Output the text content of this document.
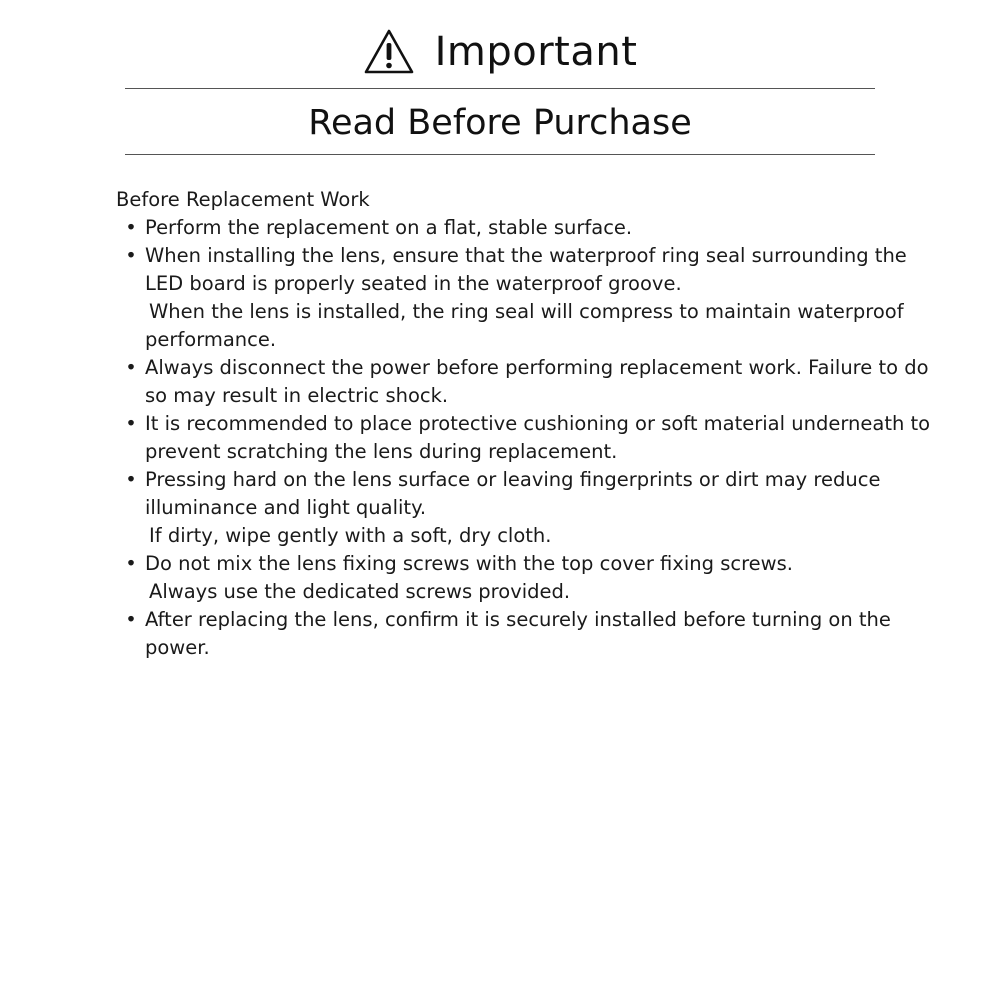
Important
Read Before Purchase
Before Replacement Work
• Perform the replacement on a flat, stable surface.
• When installing the lens, ensure that the waterproof ring seal surrounding the
LED board is properly seated in the waterproof groove.
When the lens is installed, the ring seal will compress to maintain waterproof
performance.
• Always disconnect the power before performing replacement work. Failure to do
so may result in electric shock.
• It is recommended to place protective cushioning or soft material underneath to
prevent scratching the lens during replacement.
• Pressing hard on the lens surface or leaving fingerprints or dirt may reduce
illuminance and light quality.
If dirty, wipe gently with a soft, dry cloth.
• Do not mix the lens fixing screws with the top cover fixing screws.
Always use the dedicated screws provided.
• After replacing the lens, confirm it is securely installed before turning on the
power.
